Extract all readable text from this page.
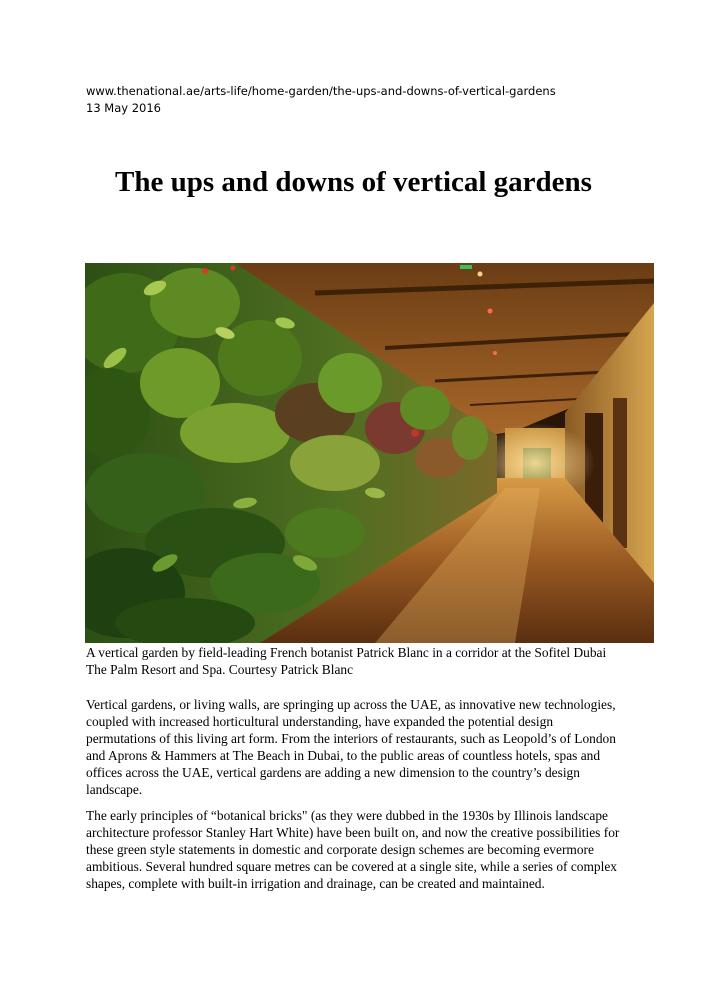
www.thenational.ae/arts-life/home-garden/the-ups-and-downs-of-vertical-gardens
13 May 2016
The ups and downs of vertical gardens

A vertical garden by field-leading French botanist Patrick Blanc in a corridor at the Sofitel Dubai The Palm Resort and Spa. Courtesy Patrick Blanc

Vertical gardens, or living walls, are springing up across the UAE, as innovative new technologies, coupled with increased horticultural understanding, have expanded the potential design permutations of this living art form. From the interiors of restaurants, such as Leopold’s of London and Aprons & Hammers at The Beach in Dubai, to the public areas of countless hotels, spas and offices across the UAE, vertical gardens are adding a new dimension to the country’s design landscape.

The early principles of “botanical bricks" (as they were dubbed in the 1930s by Illinois landscape architecture professor Stanley Hart White) have been built on, and now the creative possibilities for these green style statements in domestic and corporate design schemes are becoming evermore ambitious. Several hundred square metres can be covered at a single site, while a series of complex shapes, complete with built-in irrigation and drainage, can be created and maintained.
